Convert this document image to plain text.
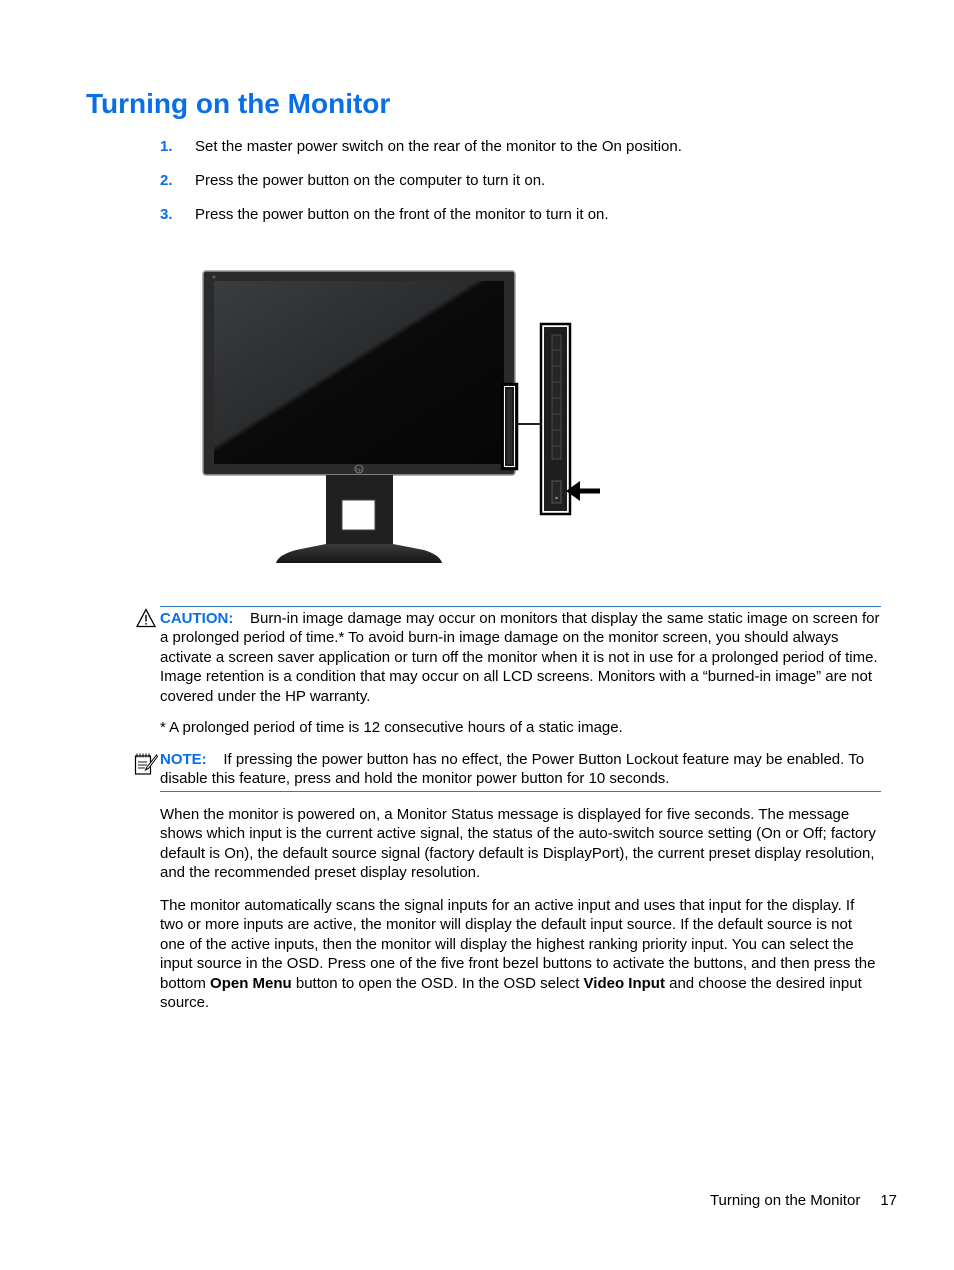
Turning on the Monitor
1. Set the master power switch on the rear of the monitor to the On position.
2. Press the power button on the computer to turn it on.
3. Press the power button on the front of the monitor to turn it on.
hp

CAUTION: Burn-in image damage may occur on monitors that display the same static image on screen for a prolonged period of time.* To avoid burn-in image damage on the monitor screen, you should always activate a screen saver application or turn off the monitor when it is not in use for a prolonged period of time. Image retention is a condition that may occur on all LCD screens. Monitors with a “burned-in image” are not covered under the HP warranty.

* A prolonged period of time is 12 consecutive hours of a static image.

NOTE: If pressing the power button has no effect, the Power Button Lockout feature may be enabled. To disable this feature, press and hold the monitor power button for 10 seconds.

When the monitor is powered on, a Monitor Status message is displayed for five seconds. The message shows which input is the current active signal, the status of the auto-switch source setting (On or Off; factory default is On), the default source signal (factory default is DisplayPort), the current preset display resolution, and the recommended preset display resolution.

The monitor automatically scans the signal inputs for an active input and uses that input for the display. If two or more inputs are active, the monitor will display the default input source. If the default source is not one of the active inputs, then the monitor will display the highest ranking priority input. You can select the input source in the OSD. Press one of the five front bezel buttons to activate the buttons, and then press the bottom Open Menu button to open the OSD. In the OSD select Video Input and choose the desired input source.

Turning on the Monitor 17
